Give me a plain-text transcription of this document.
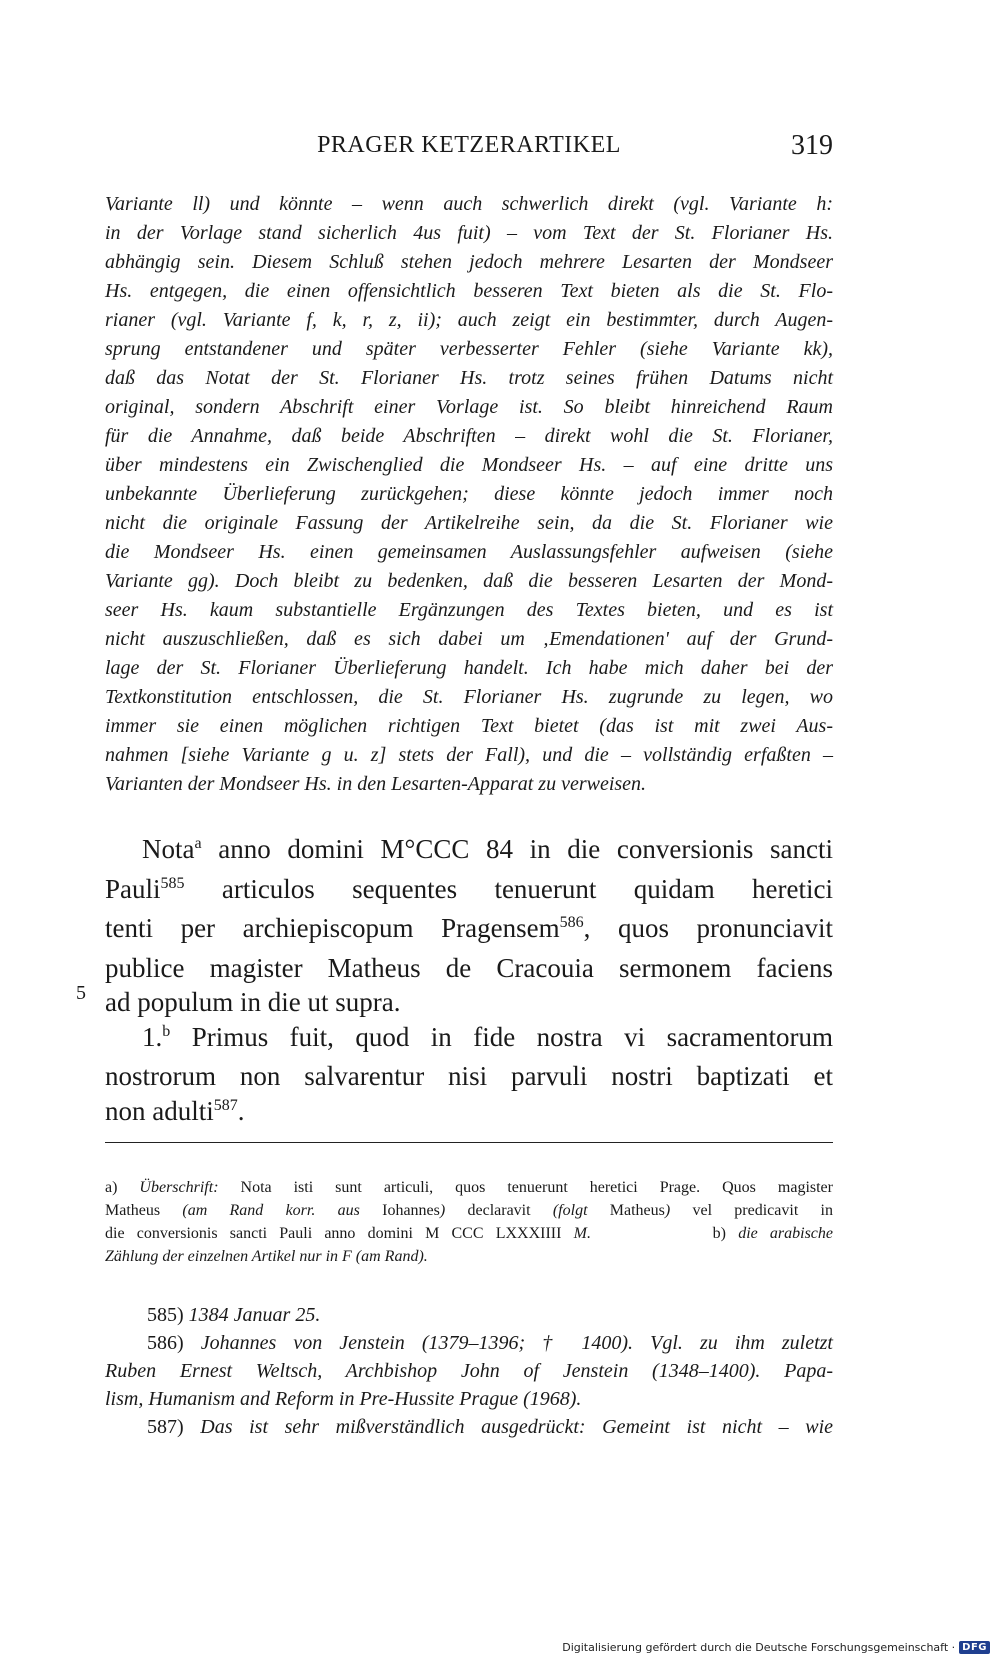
PRAGER KETZERARTIKEL	319
Variante ll) und könnte – wenn auch schwerlich direkt (vgl. Variante h:
in der Vorlage stand sicherlich 4us fuit) – vom Text der St. Florianer Hs.
abhängig sein. Diesem Schluß stehen jedoch mehrere Lesarten der Mondseer
Hs. entgegen, die einen offensichtlich besseren Text bieten als die St. Flo-
rianer (vgl. Variante f, k, r, z, ii); auch zeigt ein bestimmter, durch Augen-
sprung entstandener und später verbesserter Fehler (siehe Variante kk),
daß das Notat der St. Florianer Hs. trotz seines frühen Datums nicht
original, sondern Abschrift einer Vorlage ist. So bleibt hinreichend Raum
für die Annahme, daß beide Abschriften – direkt wohl die St. Florianer,
über mindestens ein Zwischenglied die Mondseer Hs. – auf eine dritte uns
unbekannte Überlieferung zurückgehen; diese könnte jedoch immer noch
nicht die originale Fassung der Artikelreihe sein, da die St. Florianer wie
die Mondseer Hs. einen gemeinsamen Auslassungsfehler aufweisen (siehe
Variante gg). Doch bleibt zu bedenken, daß die besseren Lesarten der Mond-
seer Hs. kaum substantielle Ergänzungen des Textes bieten, und es ist
nicht auszuschließen, daß es sich dabei um ‚Emendationen' auf der Grund-
lage der St. Florianer Überlieferung handelt. Ich habe mich daher bei der
Textkonstitution entschlossen, die St. Florianer Hs. zugrunde zu legen, wo
immer sie einen möglichen richtigen Text bietet (das ist mit zwei Aus-
nahmen [siehe Variante g u. z] stets der Fall), und die – vollständig erfaßten –
Varianten der Mondseer Hs. in den Lesarten-Apparat zu verweisen.
Nota$^a$ anno domini M°CCC 84 in die conversionis sancti
Pauli$^{585}$ articulos sequentes tenuerunt quidam heretici
tenti per archiepiscopum Pragensem$^{586}$, quos pronunciavit
publice magister Matheus de Cracouia sermonem faciens
ad populum in die ut supra.
1.$^b$ Primus fuit, quod in fide nostra vi sacramentorum
nostrorum non salvarentur nisi parvuli nostri baptizati et
non adulti$^{587}$.
5
a) Überschrift: Nota isti sunt articuli, quos tenuerunt heretici Prage. Quos magister
Matheus (am Rand korr. aus Iohannes) declaravit (folgt Matheus) vel predicavit in
die conversionis sancti Pauli anno domini M CCC LXXXIIII M.          b) die arabische
Zählung der einzelnen Artikel nur in F (am Rand).
585) 1384 Januar 25.
586) Johannes von Jenstein (1379–1396; † 1400). Vgl. zu ihm zuletzt
Ruben Ernest Weltsch, Archbishop John of Jenstein (1348–1400). Papa-
lism, Humanism and Reform in Pre-Hussite Prague (1968).
587) Das ist sehr mißverständlich ausgedrückt: Gemeint ist nicht – wie
Digitalisierung gefördert durch die Deutsche Forschungsgemeinschaft · DFG
